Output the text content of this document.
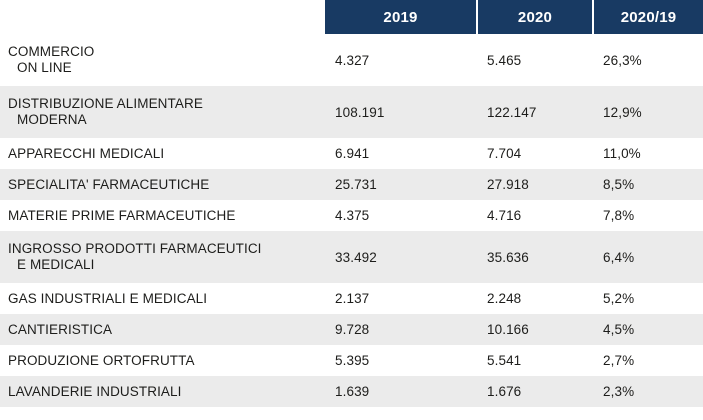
	2019	2020	2020/19
COMMERCIO
ON LINE	4.327	5.465	26,3%
DISTRIBUZIONE ALIMENTARE
MODERNA	108.191	122.147	12,9%
APPARECCHI MEDICALI	6.941	7.704	11,0%
SPECIALITA' FARMACEUTICHE	25.731	27.918	8,5%
MATERIE PRIME FARMACEUTICHE	4.375	4.716	7,8%
INGROSSO PRODOTTI FARMACEUTICI
E MEDICALI	33.492	35.636	6,4%
GAS INDUSTRIALI E MEDICALI	2.137	2.248	5,2%
CANTIERISTICA	9.728	10.166	4,5%
PRODUZIONE ORTOFRUTTA	5.395	5.541	2,7%
LAVANDERIE INDUSTRIALI	1.639	1.676	2,3%
